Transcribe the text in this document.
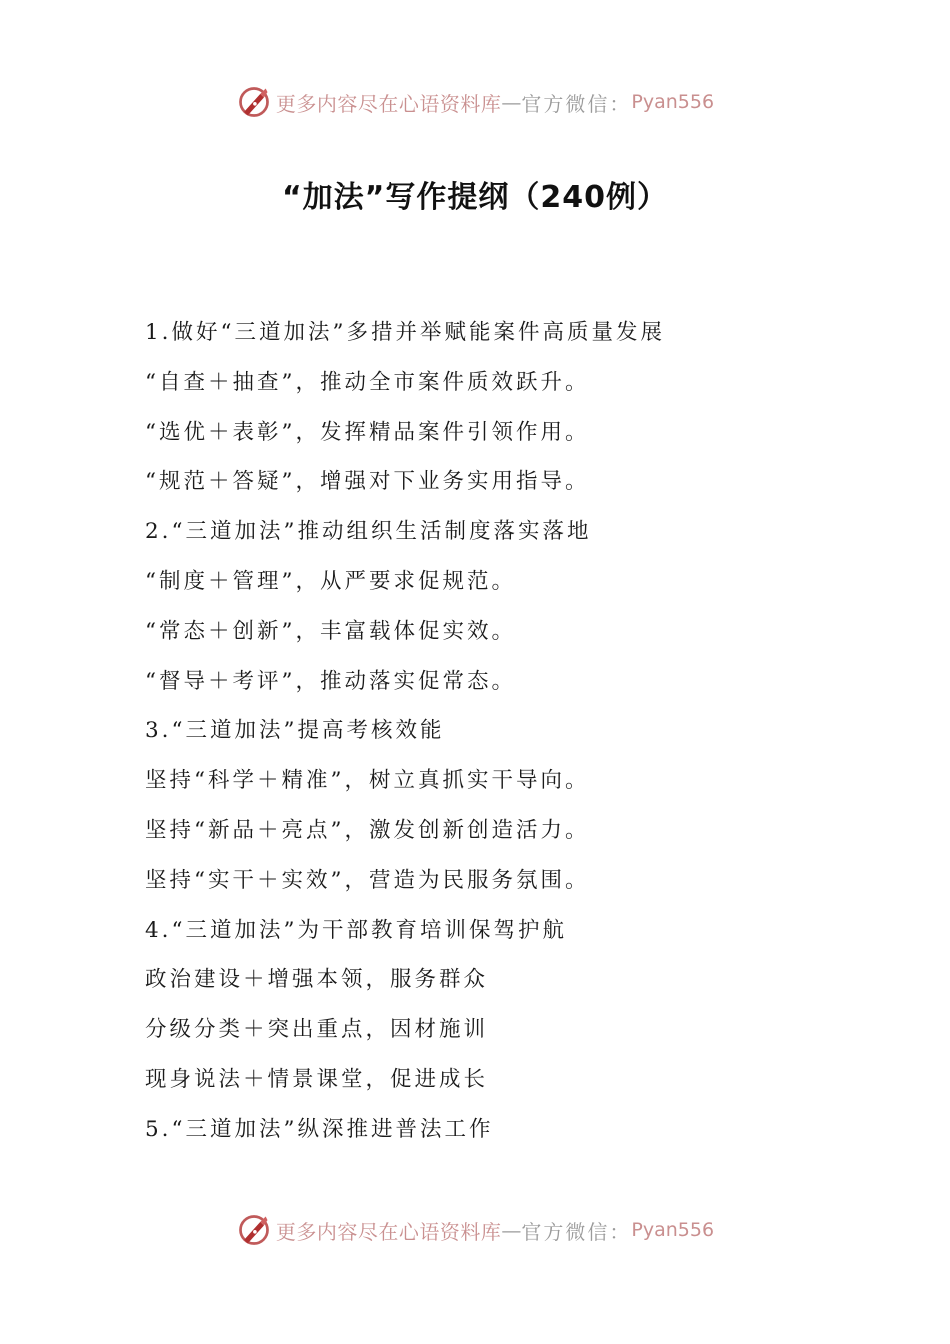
更多内容尽在心语资料库 — 官方微信： Pyan556
“加法”写作提纲（240例）
1.做好“三道加法”多措并举赋能案件高质量发展
“自查＋抽查”，推动全市案件质效跃升。
“选优＋表彰”，发挥精品案件引领作用。
“规范＋答疑”，增强对下业务实用指导。
2.“三道加法”推动组织生活制度落实落地
“制度＋管理”，从严要求促规范。
“常态＋创新”，丰富载体促实效。
“督导＋考评”，推动落实促常态。
3.“三道加法”提高考核效能
坚持“科学＋精准”，树立真抓实干导向。
坚持“新品＋亮点”，激发创新创造活力。
坚持“实干＋实效”，营造为民服务氛围。
4.“三道加法”为干部教育培训保驾护航
政治建设＋增强本领，服务群众
分级分类＋突出重点，因材施训
现身说法＋情景课堂，促进成长
5.“三道加法”纵深推进普法工作
更多内容尽在心语资料库 — 官方微信： Pyan556
